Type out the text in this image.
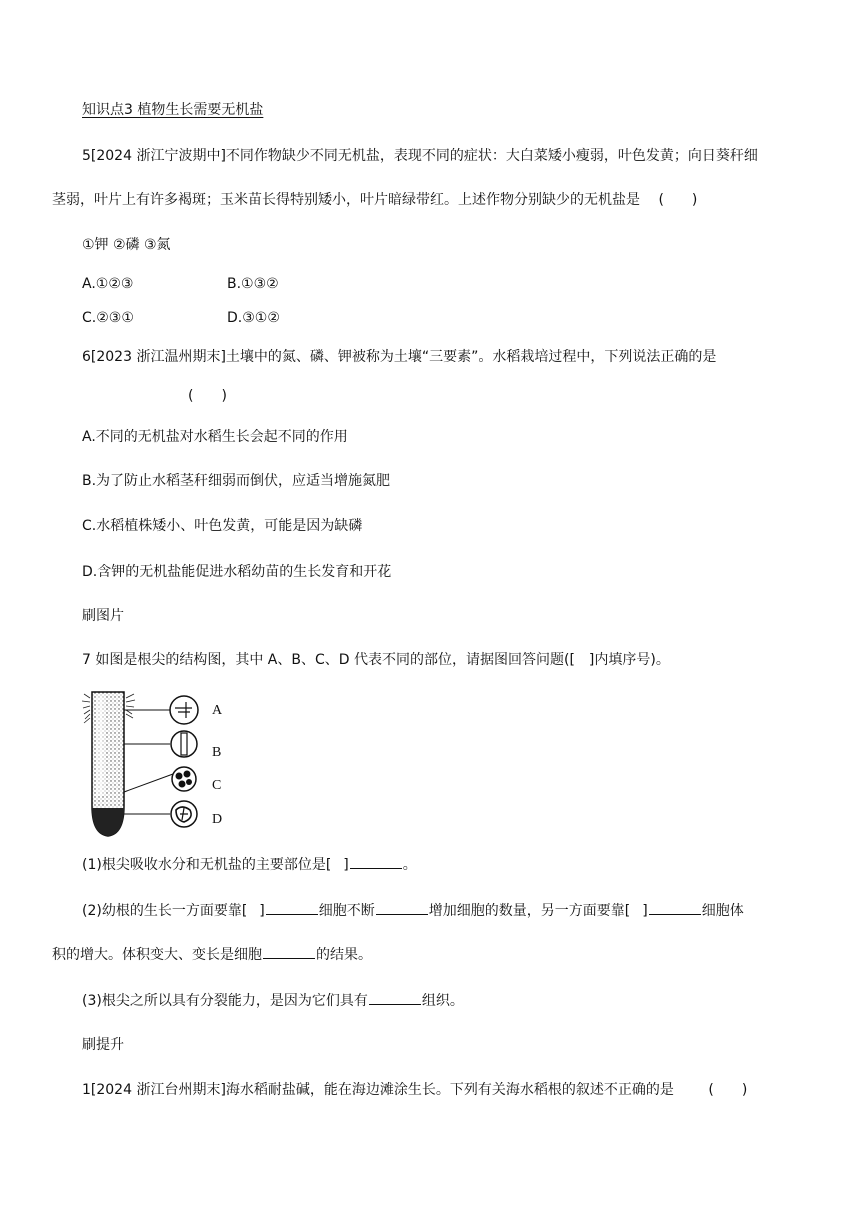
知识点3 植物生长需要无机盐
5[2024 浙江宁波期中]不同作物缺少不同无机盐，表现不同的症状：大白菜矮小瘦弱，叶色发黄；向日葵秆细
茎弱，叶片上有许多褐斑；玉米苗长得特别矮小，叶片暗绿带红。上述作物分别缺少的无机盐是 (　　)
①钾 ②磷 ③氮
A.①②③	B.①③②
C.②③①	D.③①②
6[2023 浙江温州期末]土壤中的氮、磷、钾被称为土壤“三要素”。水稻栽培过程中，下列说法正确的是
(　　)
A.不同的无机盐对水稻生长会起不同的作用
B.为了防止水稻茎秆细弱而倒伏，应适当增施氮肥
C.水稻植株矮小、叶色发黄，可能是因为缺磷
D.含钾的无机盐能促进水稻幼苗的生长发育和开花
刷图片
7 如图是根尖的结构图，其中 A、B、C、D 代表不同的部位，请据图回答问题([　]内填序号)。
A
B
C
D
(1)根尖吸收水分和无机盐的主要部位是[ ]	。
(2)幼根的生长一方面要靠[ ]	细胞不断	增加细胞的数量，另一方面要靠[ ]	细胞体
积的增大。体积变大、变长是细胞	的结果。
(3)根尖之所以具有分裂能力，是因为它们具有	组织。
刷提升
1[2024 浙江台州期末]海水稻耐盐碱，能在海边滩涂生长。下列有关海水稻根的叙述不正确的是 (　　)
